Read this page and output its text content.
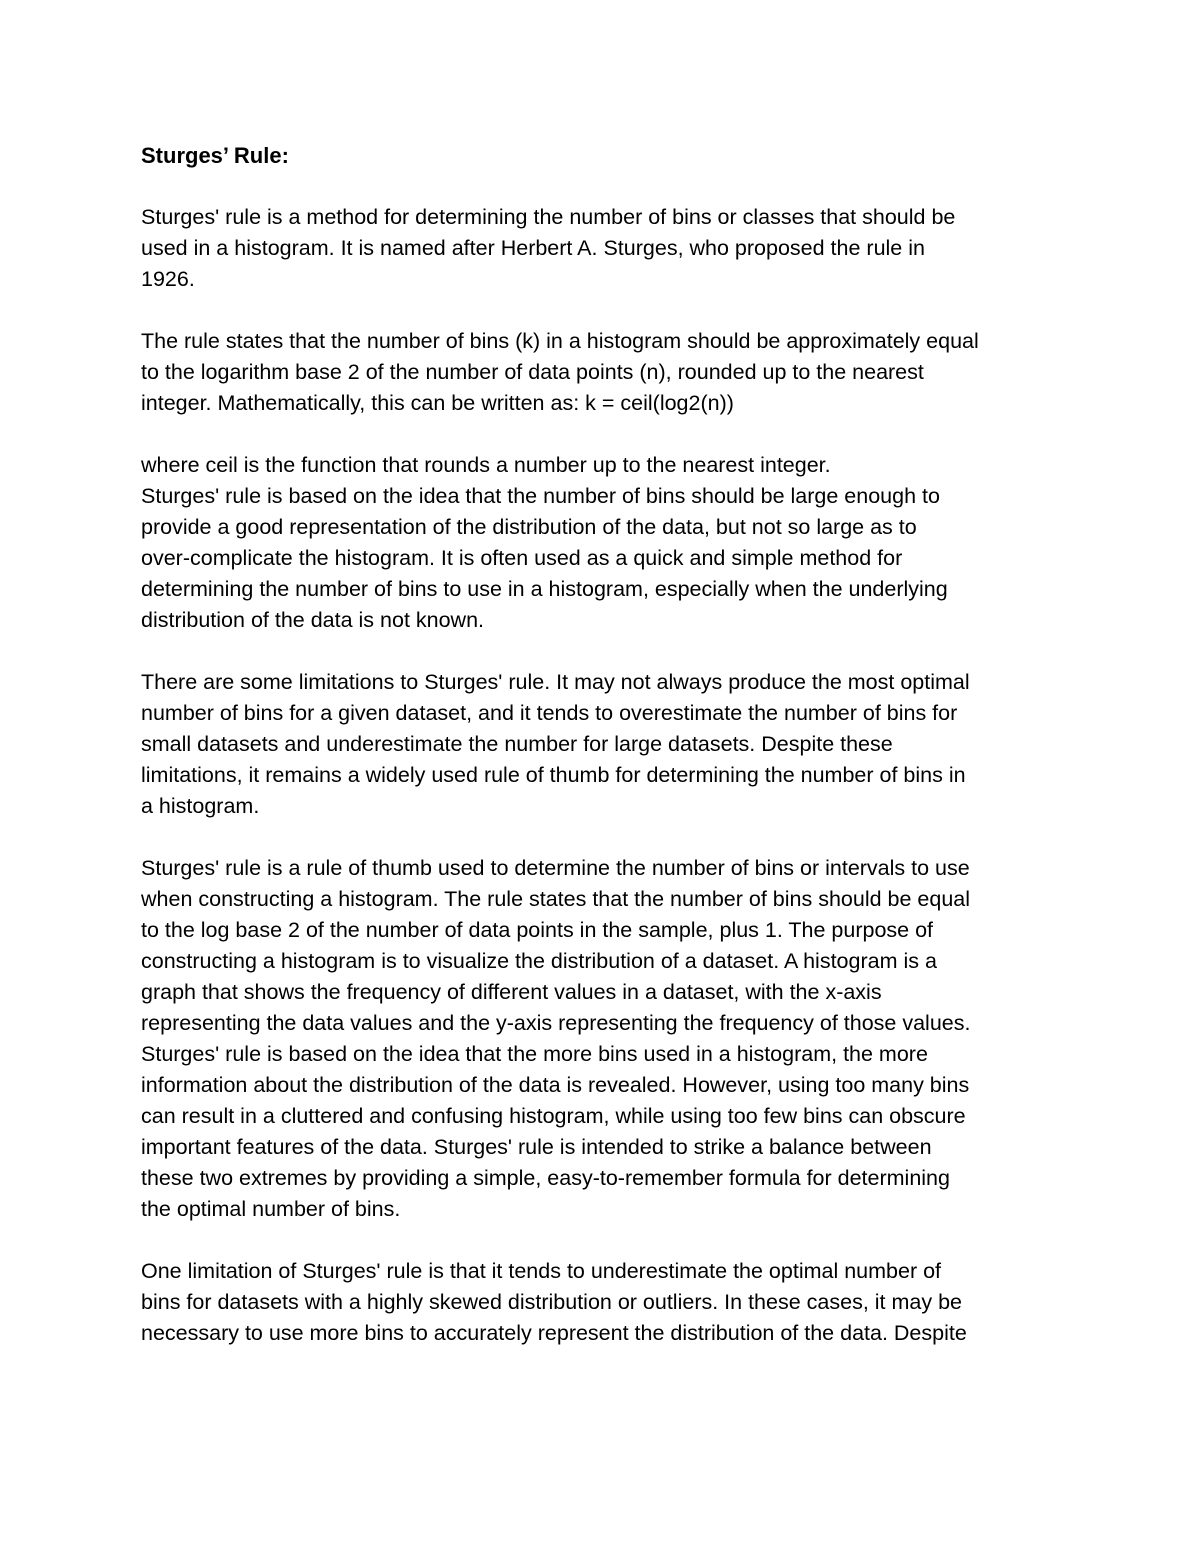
Sturges’ Rule:
Sturges' rule is a method for determining the number of bins or classes that should be
used in a histogram. It is named after Herbert A. Sturges, who proposed the rule in
1926.
The rule states that the number of bins (k) in a histogram should be approximately equal
to the logarithm base 2 of the number of data points (n), rounded up to the nearest
integer. Mathematically, this can be written as: k = ceil(log2(n))
where ceil is the function that rounds a number up to the nearest integer.
Sturges' rule is based on the idea that the number of bins should be large enough to
provide a good representation of the distribution of the data, but not so large as to
over-complicate the histogram. It is often used as a quick and simple method for
determining the number of bins to use in a histogram, especially when the underlying
distribution of the data is not known.
There are some limitations to Sturges' rule. It may not always produce the most optimal
number of bins for a given dataset, and it tends to overestimate the number of bins for
small datasets and underestimate the number for large datasets. Despite these
limitations, it remains a widely used rule of thumb for determining the number of bins in
a histogram.
Sturges' rule is a rule of thumb used to determine the number of bins or intervals to use
when constructing a histogram. The rule states that the number of bins should be equal
to the log base 2 of the number of data points in the sample, plus 1. The purpose of
constructing a histogram is to visualize the distribution of a dataset. A histogram is a
graph that shows the frequency of different values in a dataset, with the x-axis
representing the data values and the y-axis representing the frequency of those values.
Sturges' rule is based on the idea that the more bins used in a histogram, the more
information about the distribution of the data is revealed. However, using too many bins
can result in a cluttered and confusing histogram, while using too few bins can obscure
important features of the data. Sturges' rule is intended to strike a balance between
these two extremes by providing a simple, easy-to-remember formula for determining
the optimal number of bins.
One limitation of Sturges' rule is that it tends to underestimate the optimal number of
bins for datasets with a highly skewed distribution or outliers. In these cases, it may be
necessary to use more bins to accurately represent the distribution of the data. Despite
